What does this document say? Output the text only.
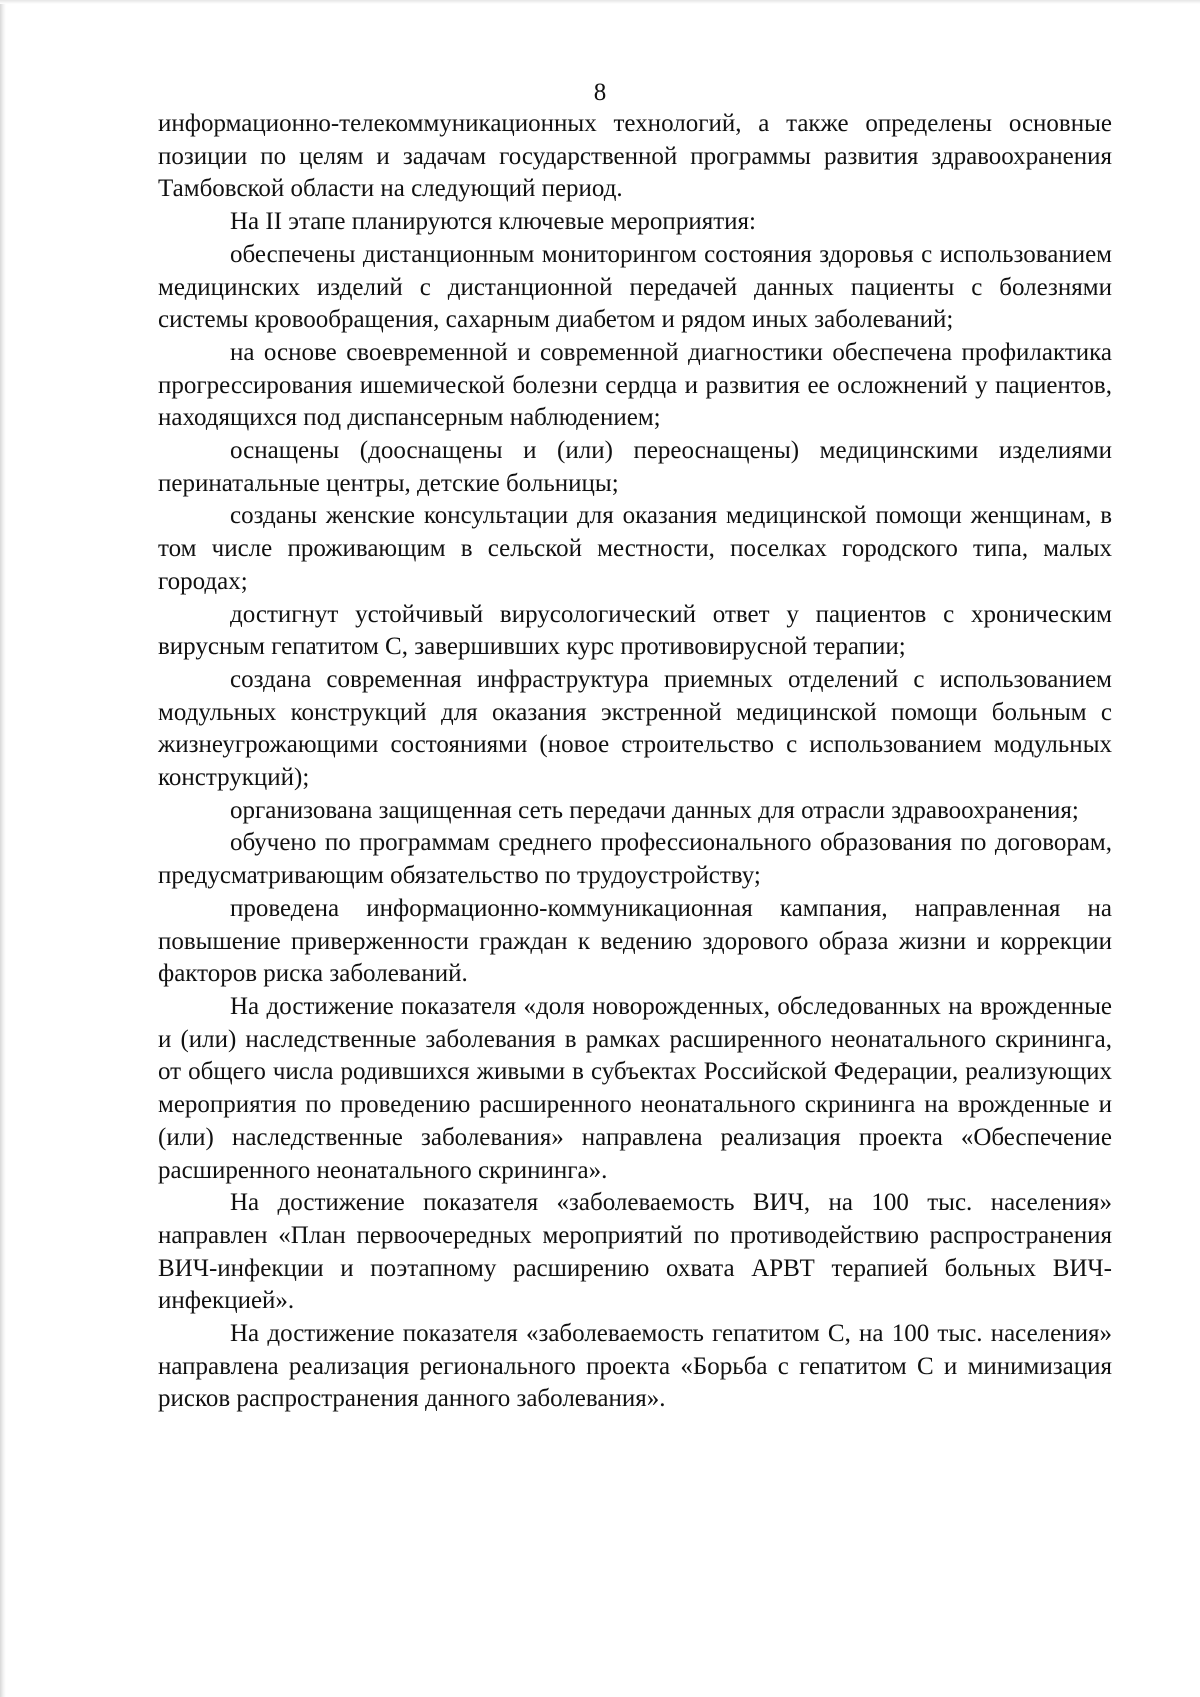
8

информационно-телекоммуникационных технологий, а также определены основные позиции по целям и задачам государственной программы развития здравоохранения Тамбовской области на следующий период.

На II этапе планируются ключевые мероприятия:

обеспечены дистанционным мониторингом состояния здоровья с использованием медицинских изделий с дистанционной передачей данных пациенты с болезнями системы кровообращения, сахарным диабетом и рядом иных заболеваний;

на основе своевременной и современной диагностики обеспечена профилактика прогрессирования ишемической болезни сердца и развития ее осложнений у пациентов, находящихся под диспансерным наблюдением;

оснащены (дооснащены и (или) переоснащены) медицинскими изделиями перинатальные центры, детские больницы;

созданы женские консультации для оказания медицинской помощи женщинам, в том числе проживающим в сельской местности, поселках городского типа, малых городах;

достигнут устойчивый вирусологический ответ у пациентов с хроническим вирусным гепатитом С, завершивших курс противовирусной терапии;

создана современная инфраструктура приемных отделений с использованием модульных конструкций для оказания экстренной медицинской помощи больным с жизнеугрожающими состояниями (новое строительство с использованием модульных конструкций);

организована защищенная сеть передачи данных для отрасли здравоохранения;

обучено по программам среднего профессионального образования по договорам, предусматривающим обязательство по трудоустройству;

проведена информационно-коммуникационная кампания, направленная на повышение приверженности граждан к ведению здорового образа жизни и коррекции факторов риска заболеваний.

На достижение показателя «доля новорожденных, обследованных на врожденные и (или) наследственные заболевания в рамках расширенного неонатального скрининга, от общего числа родившихся живыми в субъектах Российской Федерации, реализующих мероприятия по проведению расширенного неонатального скрининга на врожденные и (или) наследственные заболевания» направлена реализация проекта «Обеспечение расширенного неонатального скрининга».

На достижение показателя «заболеваемость ВИЧ, на 100 тыс. населения» направлен «План первоочередных мероприятий по противодействию распространения ВИЧ-инфекции и поэтапному расширению охвата АРВТ терапией больных ВИЧ-инфекцией».

На достижение показателя «заболеваемость гепатитом С, на 100 тыс. населения» направлена реализация регионального проекта «Борьба с гепатитом С и минимизация рисков распространения данного заболевания».
